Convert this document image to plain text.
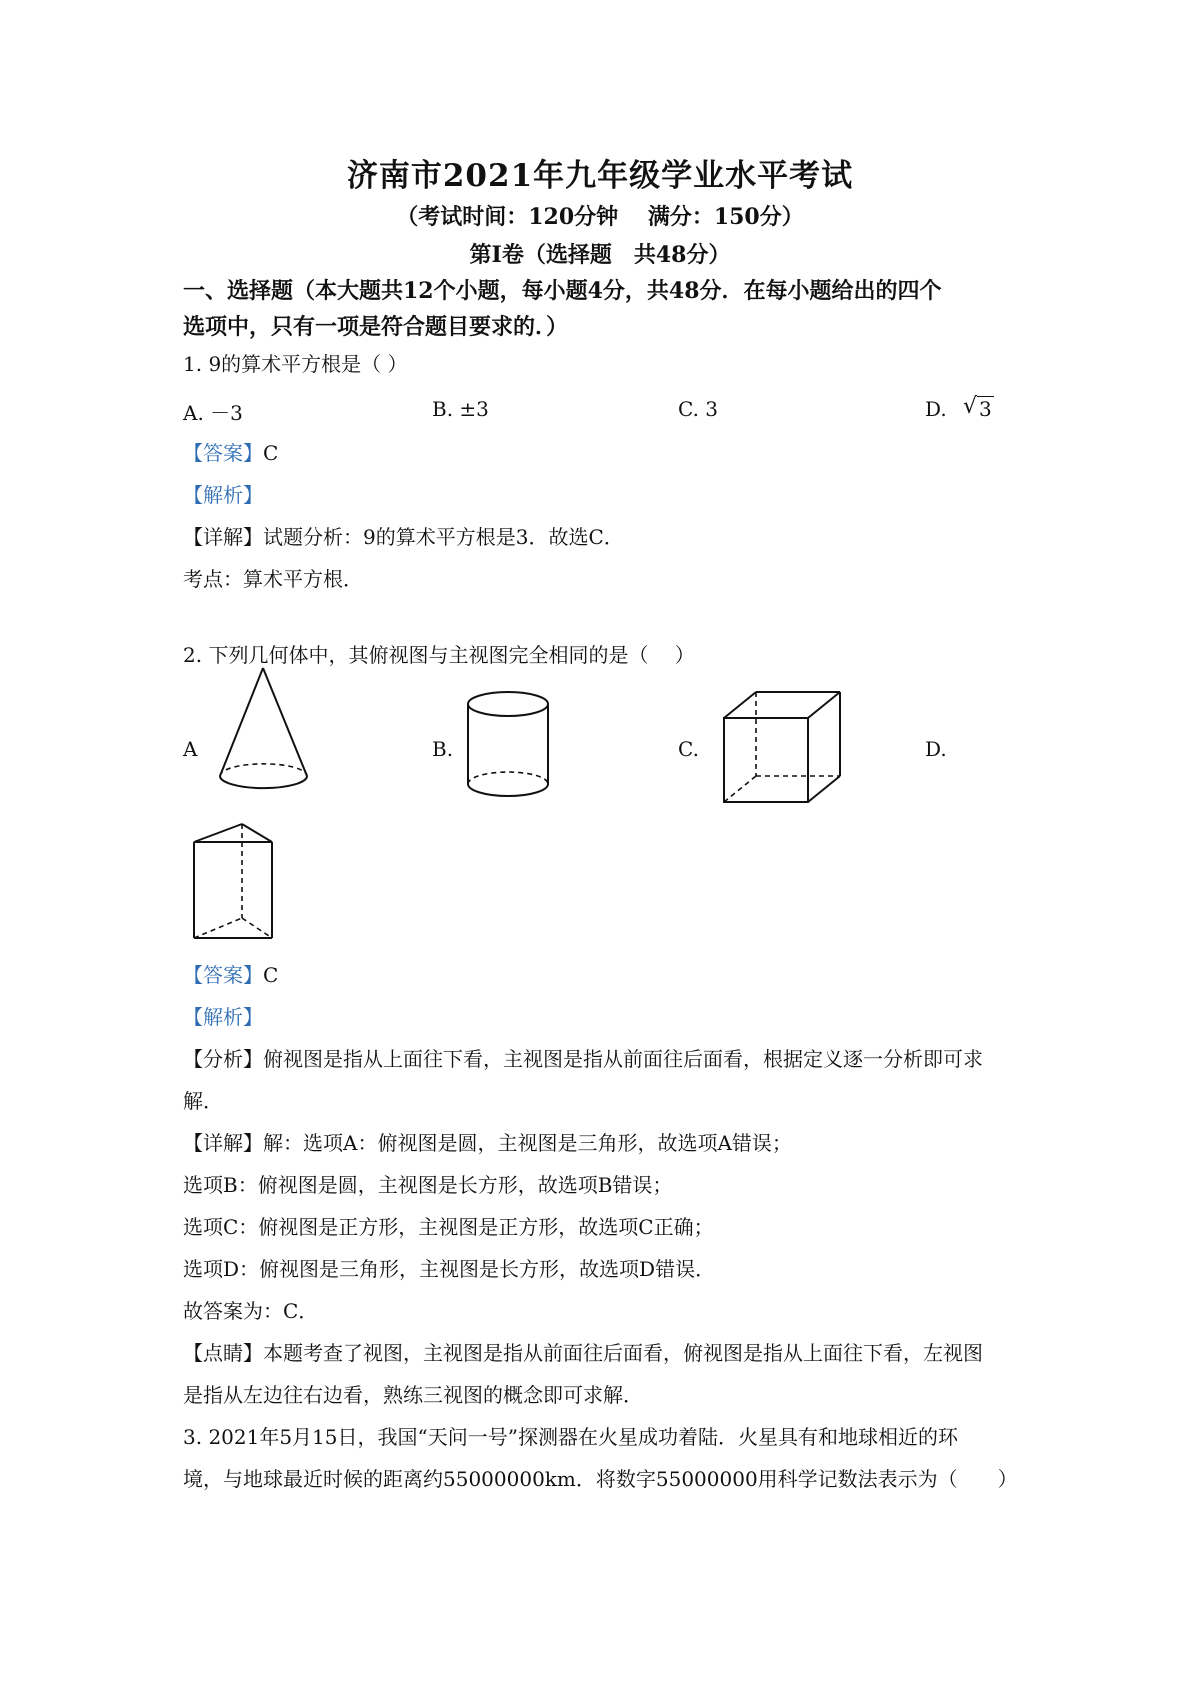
济南市2021年九年级学业水平考试
（考试时间：120分钟　 满分：150分）
第Ⅰ卷（选择题　共48分）
一、选择题（本大题共12个小题，每小题4分，共48分．在每小题给出的四个
选项中，只有一项是符合题目要求的．）
1. 9的算术平方根是（ ）
A. －3	B. ±3	C. 3	D. √ 3
【答案】C
【解析】
【详解】试题分析：9的算术平方根是3．故选C．
考点：算术平方根．
2. 下列几何体中，其俯视图与主视图完全相同的是（　 ）
A	B.	C.	D.
【答案】C
【解析】
【分析】俯视图是指从上面往下看，主视图是指从前面往后面看，根据定义逐一分析即可求
解．
【详解】解：选项A：俯视图是圆，主视图是三角形，故选项A错误；
选项B：俯视图是圆，主视图是长方形，故选项B错误；
选项C：俯视图是正方形，主视图是正方形，故选项C正确；
选项D：俯视图是三角形，主视图是长方形，故选项D错误．
故答案为：C．
【点睛】本题考查了视图，主视图是指从前面往后面看，俯视图是指从上面往下看，左视图
是指从左边往右边看，熟练三视图的概念即可求解．
3. 2021年5月15日，我国“天问一号”探测器在火星成功着陆．火星具有和地球相近的环
境，与地球最近时候的距离约55000000km．将数字55000000用科学记数法表示为（　　）
